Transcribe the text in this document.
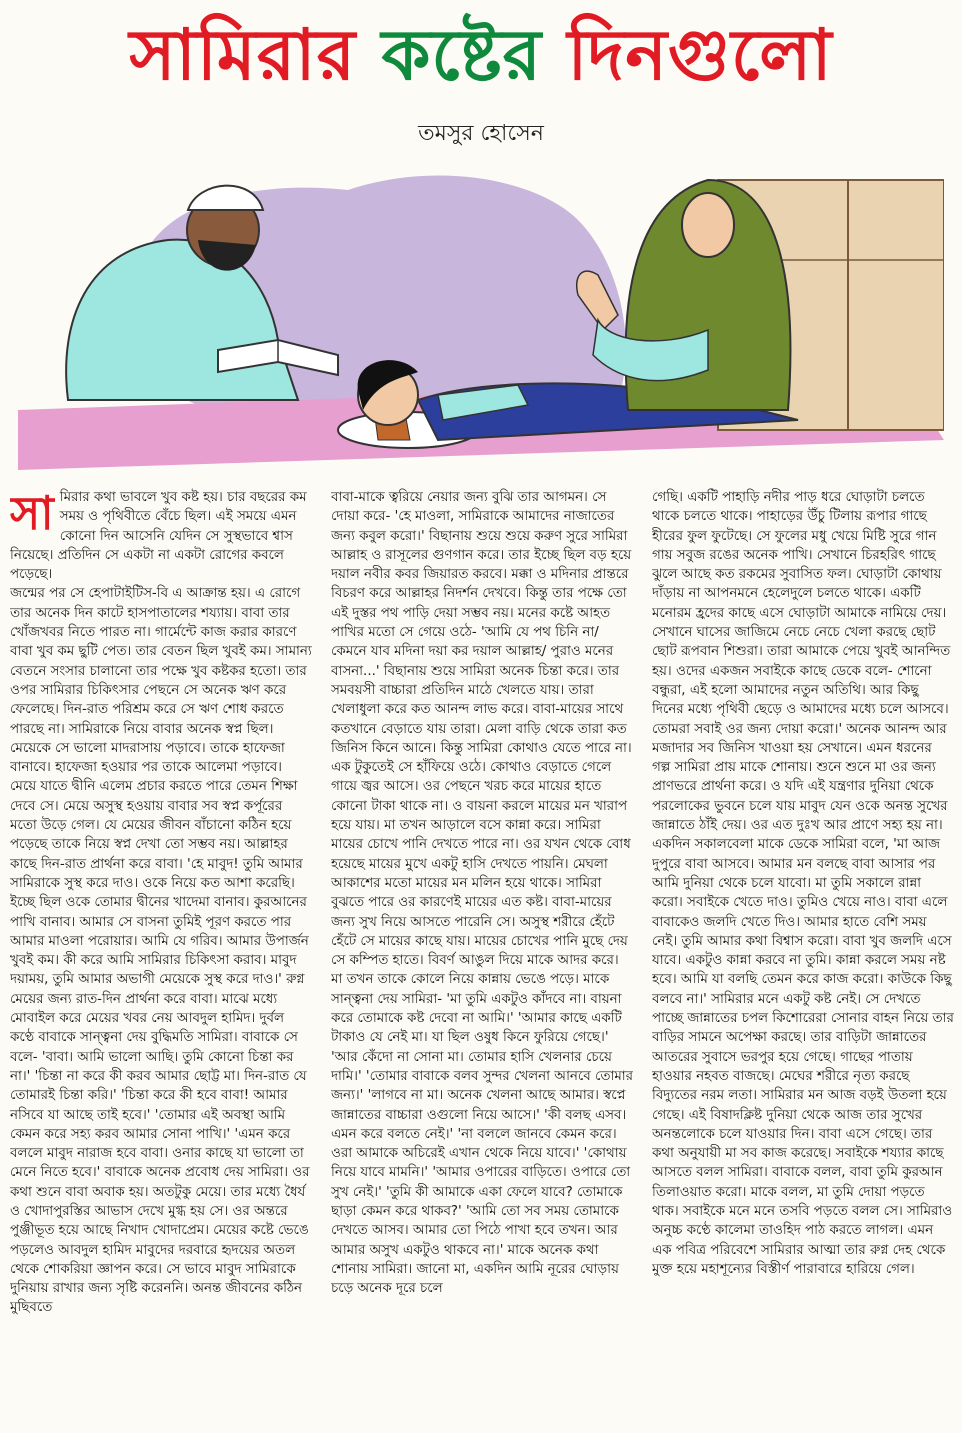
সামিরার কষ্টের দিনগুলো
তমসুর হোসেন

সা মিরার কথা ভাবলে খুব কষ্ট হয়। চার বছরের কম সময় ও পৃথিবীতে বেঁচে ছিল। এই সময়ে এমন কোনো দিন আসেনি যেদিন সে সুস্থভাবে শ্বাস নিয়েছে। প্রতিদিন সে একটা না একটা রোগের কবলে পড়েছে।

জন্মের পর সে হেপাটাইটিস-বি এ আক্রান্ত হয়। এ রোগে তার অনেক দিন কাটে হাসপাতালের শয্যায়। বাবা তার খোঁজখবর নিতে পারত না। গার্মেন্টে কাজ করার কারণে বাবা খুব কম ছুটি পেত। তার বেতন ছিল খুবই কম। সামান্য বেতনে সংসার চালানো তার পক্ষে খুব কষ্টকর হতো। তার ওপর সামিরার চিকিৎসার পেছনে সে অনেক ঋণ করে ফেলেছে। দিন-রাত পরিশ্রম করে সে ঋণ শোধ করতে পারছে না। সামিরাকে নিয়ে বাবার অনেক স্বপ্ন ছিল। মেয়েকে সে ভালো মাদরাসায় পড়াবে। তাকে হাফেজা বানাবে। হাফেজা হওয়ার পর তাকে আলেমা পড়াবে। মেয়ে যাতে দ্বীনি এলেম প্রচার করতে পারে তেমন শিক্ষা দেবে সে। মেয়ে অসুস্থ হওয়ায় বাবার সব স্বপ্ন কর্পূরের মতো উড়ে গেল। যে মেয়ের জীবন বাঁচানো কঠিন হয়ে পড়েছে তাকে নিয়ে স্বপ্ন দেখা তো সম্ভব নয়। আল্লাহর কাছে দিন-রাত প্রার্থনা করে বাবা। 'হে মাবুদ! তুমি আমার সামিরাকে সুস্থ করে দাও। ওকে নিয়ে কত আশা করেছি। ইচ্ছে ছিল ওকে তোমার দ্বীনের খাদেমা বানাব। কুরআনের পাখি বানাব। আমার সে বাসনা তুমিই পূরণ করতে পার আমার মাওলা পরোয়ার। আমি যে গরিব। আমার উপার্জন খুবই কম। কী করে আমি সামিরার চিকিৎসা করাব। মাবুদ দয়াময়, তুমি আমার অভাগী মেয়েকে সুস্থ করে দাও।' রুগ্ন মেয়ের জন্য রাত-দিন প্রার্থনা করে বাবা। মাঝে মধ্যে মোবাইল করে মেয়ের খবর নেয় আবদুল হামিদ। দুর্বল কণ্ঠে বাবাকে সান্ত্বনা দেয় বুদ্ধিমতি সামিরা। বাবাকে সে বলে- 'বাবা। আমি ভালো আছি। তুমি কোনো চিন্তা কর না।' 'চিন্তা না করে কী করব আমার ছোট্ট মা। দিন-রাত যে তোমারই চিন্তা করি।' 'চিন্তা করে কী হবে বাবা! আমার নসিবে যা আছে তাই হবে।' 'তোমার এই অবস্থা আমি কেমন করে সহ্য করব আমার সোনা পাখি।' 'এমন করে বললে মাবুদ নারাজ হবে বাবা। ওনার কাছে যা ভালো তা মেনে নিতে হবে।' বাবাকে অনেক প্রবোধ দেয় সামিরা। ওর কথা শুনে বাবা অবাক হয়। অতটুকু মেয়ে। তার মধ্যে ধৈর্য ও খোদাপুরস্তির আভাস দেখে মুগ্ধ হয় সে। ওর অন্তরে পুঞ্জীভূত হয়ে আছে নিখাদ খোদাপ্রেম। মেয়ের কষ্টে ভেঙে পড়লেও আবদুল হামিদ মাবুদের দরবারে হৃদয়ের অতল থেকে শোকরিয়া জ্ঞাপন করে। সে ভাবে মাবুদ সামিরাকে দুনিয়ায় রাখার জন্য সৃষ্টি করেননি। অনন্ত জীবনের কঠিন মুছিবতে

বাবা-মাকে ত্বরিয়ে নেয়ার জন্য বুঝি তার আগমন। সে দোয়া করে- 'হে মাওলা, সামিরাকে আমাদের নাজাতের জন্য কবুল করো।' বিছানায় শুয়ে শুয়ে করুণ সুরে সামিরা আল্লাহ ও রাসূলের গুণগান করে। তার ইচ্ছে ছিল বড় হয়ে দয়াল নবীর কবর জিয়ারত করবে। মক্কা ও মদিনার প্রান্তরে বিচরণ করে আল্লাহর নিদর্শন দেখবে। কিন্তু তার পক্ষে তো এই দুস্তর পথ পাড়ি দেয়া সম্ভব নয়। মনের কষ্টে আহত পাখির মতো সে গেয়ে ওঠে- 'আমি যে পথ চিনি না/ কেমনে যাব মদিনা দয়া কর দয়াল আল্লাহ/ পুরাও মনের বাসনা...' বিছানায় শুয়ে সামিরা অনেক চিন্তা করে। তার সমবয়সী বাচ্চারা প্রতিদিন মাঠে খেলতে যায়। তারা খেলাধুলা করে কত আনন্দ লাভ করে। বাবা-মায়ের সাথে কতখানে বেড়াতে যায় তারা। মেলা বাড়ি থেকে তারা কত জিনিস কিনে আনে। কিন্তু সামিরা কোথাও যেতে পারে না। এক টুকুতেই সে হাঁফিয়ে ওঠে। কোথাও বেড়াতে গেলে গায়ে জ্বর আসে। ওর পেছনে খরচ করে মায়ের হাতে কোনো টাকা থাকে না। ও বায়না করলে মায়ের মন খারাপ হয়ে যায়। মা তখন আড়ালে বসে কান্না করে। সামিরা মায়ের চোখে পানি দেখতে পারে না। ওর যখন থেকে বোধ হয়েছে মায়ের মুখে একটু হাসি দেখতে পায়নি। মেঘলা আকাশের মতো মায়ের মন মলিন হয়ে থাকে। সামিরা বুঝতে পারে ওর কারণেই মায়ের এত কষ্ট। বাবা-মায়ের জন্য সুখ নিয়ে আসতে পারেনি সে। অসুস্থ শরীরে হেঁটে হেঁটে সে মায়ের কাছে যায়। মায়ের চোখের পানি মুছে দেয় সে কম্পিত হাতে। বিবর্ণ আঙুল দিয়ে মাকে আদর করে। মা তখন তাকে কোলে নিয়ে কান্নায় ভেঙে পড়ে। মাকে সান্ত্বনা দেয় সামিরা- 'মা তুমি একটুও কাঁদবে না। বায়না করে তোমাকে কষ্ট দেবো না আমি।' 'আমার কাছে একটি টাকাও যে নেই মা। যা ছিল ওষুধ কিনে ফুরিয়ে গেছে।' 'আর কেঁদো না সোনা মা। তোমার হাসি খেলনার চেয়ে দামি।' 'তোমার বাবাকে বলব সুন্দর খেলনা আনবে তোমার জন্য।' 'লাগবে না মা। অনেক খেলনা আছে আমার। স্বপ্নে জান্নাতের বাচ্চারা ওগুলো নিয়ে আসে।' 'কী বলছ এসব। এমন করে বলতে নেই।' 'না বললে জানবে কেমন করে। ওরা আমাকে অচিরেই এখান থেকে নিয়ে যাবে।' 'কোথায় নিয়ে যাবে মামনি।' 'আমার ওপারের বাড়িতে। ওপারে তো সুখ নেই।' 'তুমি কী আমাকে একা ফেলে যাবে? তোমাকে ছাড়া কেমন করে থাকব?' 'আমি তো সব সময় তোমাকে দেখতে আসব। আমার তো পিঠে পাখা হবে তখন। আর আমার অসুখ একটুও থাকবে না।' মাকে অনেক কথা শোনায় সামিরা। জানো মা, একদিন আমি নূরের ঘোড়ায় চড়ে অনেক দূরে চলে

গেছি। একটি পাহাড়ি নদীর পাড় ধরে ঘোড়াটা চলতে থাকে চলতে থাকে। পাহাড়ের উঁচু টিলায় রূপার গাছে হীরের ফুল ফুটেছে। সে ফুলের মধু খেয়ে মিষ্টি সুরে গান গায় সবুজ রঙের অনেক পাখি। সেখানে চিরহরিৎ গাছে ঝুলে আছে কত রকমের সুবাসিত ফল। ঘোড়াটা কোথায় দাঁড়ায় না আপনমনে হেলেদুলে চলতে থাকে। একটি মনোরম হ্রদের কাছে এসে ঘোড়াটা আমাকে নামিয়ে দেয়। সেখানে ঘাসের জাজিমে নেচে নেচে খেলা করছে ছোট ছোট রূপবান শিশুরা। তারা আমাকে পেয়ে খুবই আনন্দিত হয়। ওদের একজন সবাইকে কাছে ডেকে বলে- শোনো বন্ধুরা, এই হলো আমাদের নতুন অতিথি। আর কিছু দিনের মধ্যে পৃথিবী ছেড়ে ও আমাদের মধ্যে চলে আসবে। তোমরা সবাই ওর জন্য দোয়া করো।' অনেক আনন্দ আর মজাদার সব জিনিস খাওয়া হয় সেখানে। এমন ধরনের গল্প সামিরা প্রায় মাকে শোনায়। শুনে শুনে মা ওর জন্য প্রাণভরে প্রার্থনা করে। ও যদি এই যন্ত্রণার দুনিয়া থেকে পরলোকের ভুবনে চলে যায় মাবুদ যেন ওকে অনন্ত সুখের জান্নাতে ঠাঁই দেয়। ওর এত দুঃখ আর প্রাণে সহ্য হয় না। একদিন সকালবেলা মাকে ডেকে সামিরা বলে, 'মা আজ দুপুরে বাবা আসবে। আমার মন বলছে বাবা আসার পর আমি দুনিয়া থেকে চলে যাবো। মা তুমি সকালে রান্না করো। সবাইকে খেতে দাও। তুমিও খেয়ে নাও। বাবা এলে বাবাকেও জলদি খেতে দিও। আমার হাতে বেশি সময় নেই। তুমি আমার কথা বিশ্বাস করো। বাবা খুব জলদি এসে যাবে। একটুও কান্না করবে না তুমি। কান্না করলে সময় নষ্ট হবে। আমি যা বলছি তেমন করে কাজ করো। কাউকে কিছু বলবে না।' সামিরার মনে একটু কষ্ট নেই। সে দেখতে পাচ্ছে জান্নাতের চপল কিশোরেরা সোনার বাহন নিয়ে তার বাড়ির সামনে অপেক্ষা করছে। তার বাড়িটা জান্নাতের আতরের সুবাসে ভরপুর হয়ে গেছে। গাছের পাতায় হাওয়ার নহবত বাজছে। মেঘের শরীরে নৃত্য করছে বিদ্যুতের নরম লতা। সামিরার মন আজ বড়ই উতলা হয়ে গেছে। এই বিষাদক্লিষ্ট দুনিয়া থেকে আজ তার সুখের অনন্তলোকে চলে যাওয়ার দিন। বাবা এসে গেছে। তার কথা অনুযায়ী মা সব কাজ করেছে। সবাইকে শয্যার কাছে আসতে বলল সামিরা। বাবাকে বলল, বাবা তুমি কুরআন তিলাওয়াত করো। মাকে বলল, মা তুমি দোয়া পড়তে থাক। সবাইকে মনে মনে তসবি পড়তে বলল সে। সামিরাও অনুচ্চ কণ্ঠে কালেমা তাওহিদ পাঠ করতে লাগল। এমন এক পবিত্র পরিবেশে সামিরার আত্মা তার রুগ্ন দেহ থেকে মুক্ত হয়ে মহাশূন্যের বিস্তীর্ণ পারাবারে হারিয়ে গেল।
